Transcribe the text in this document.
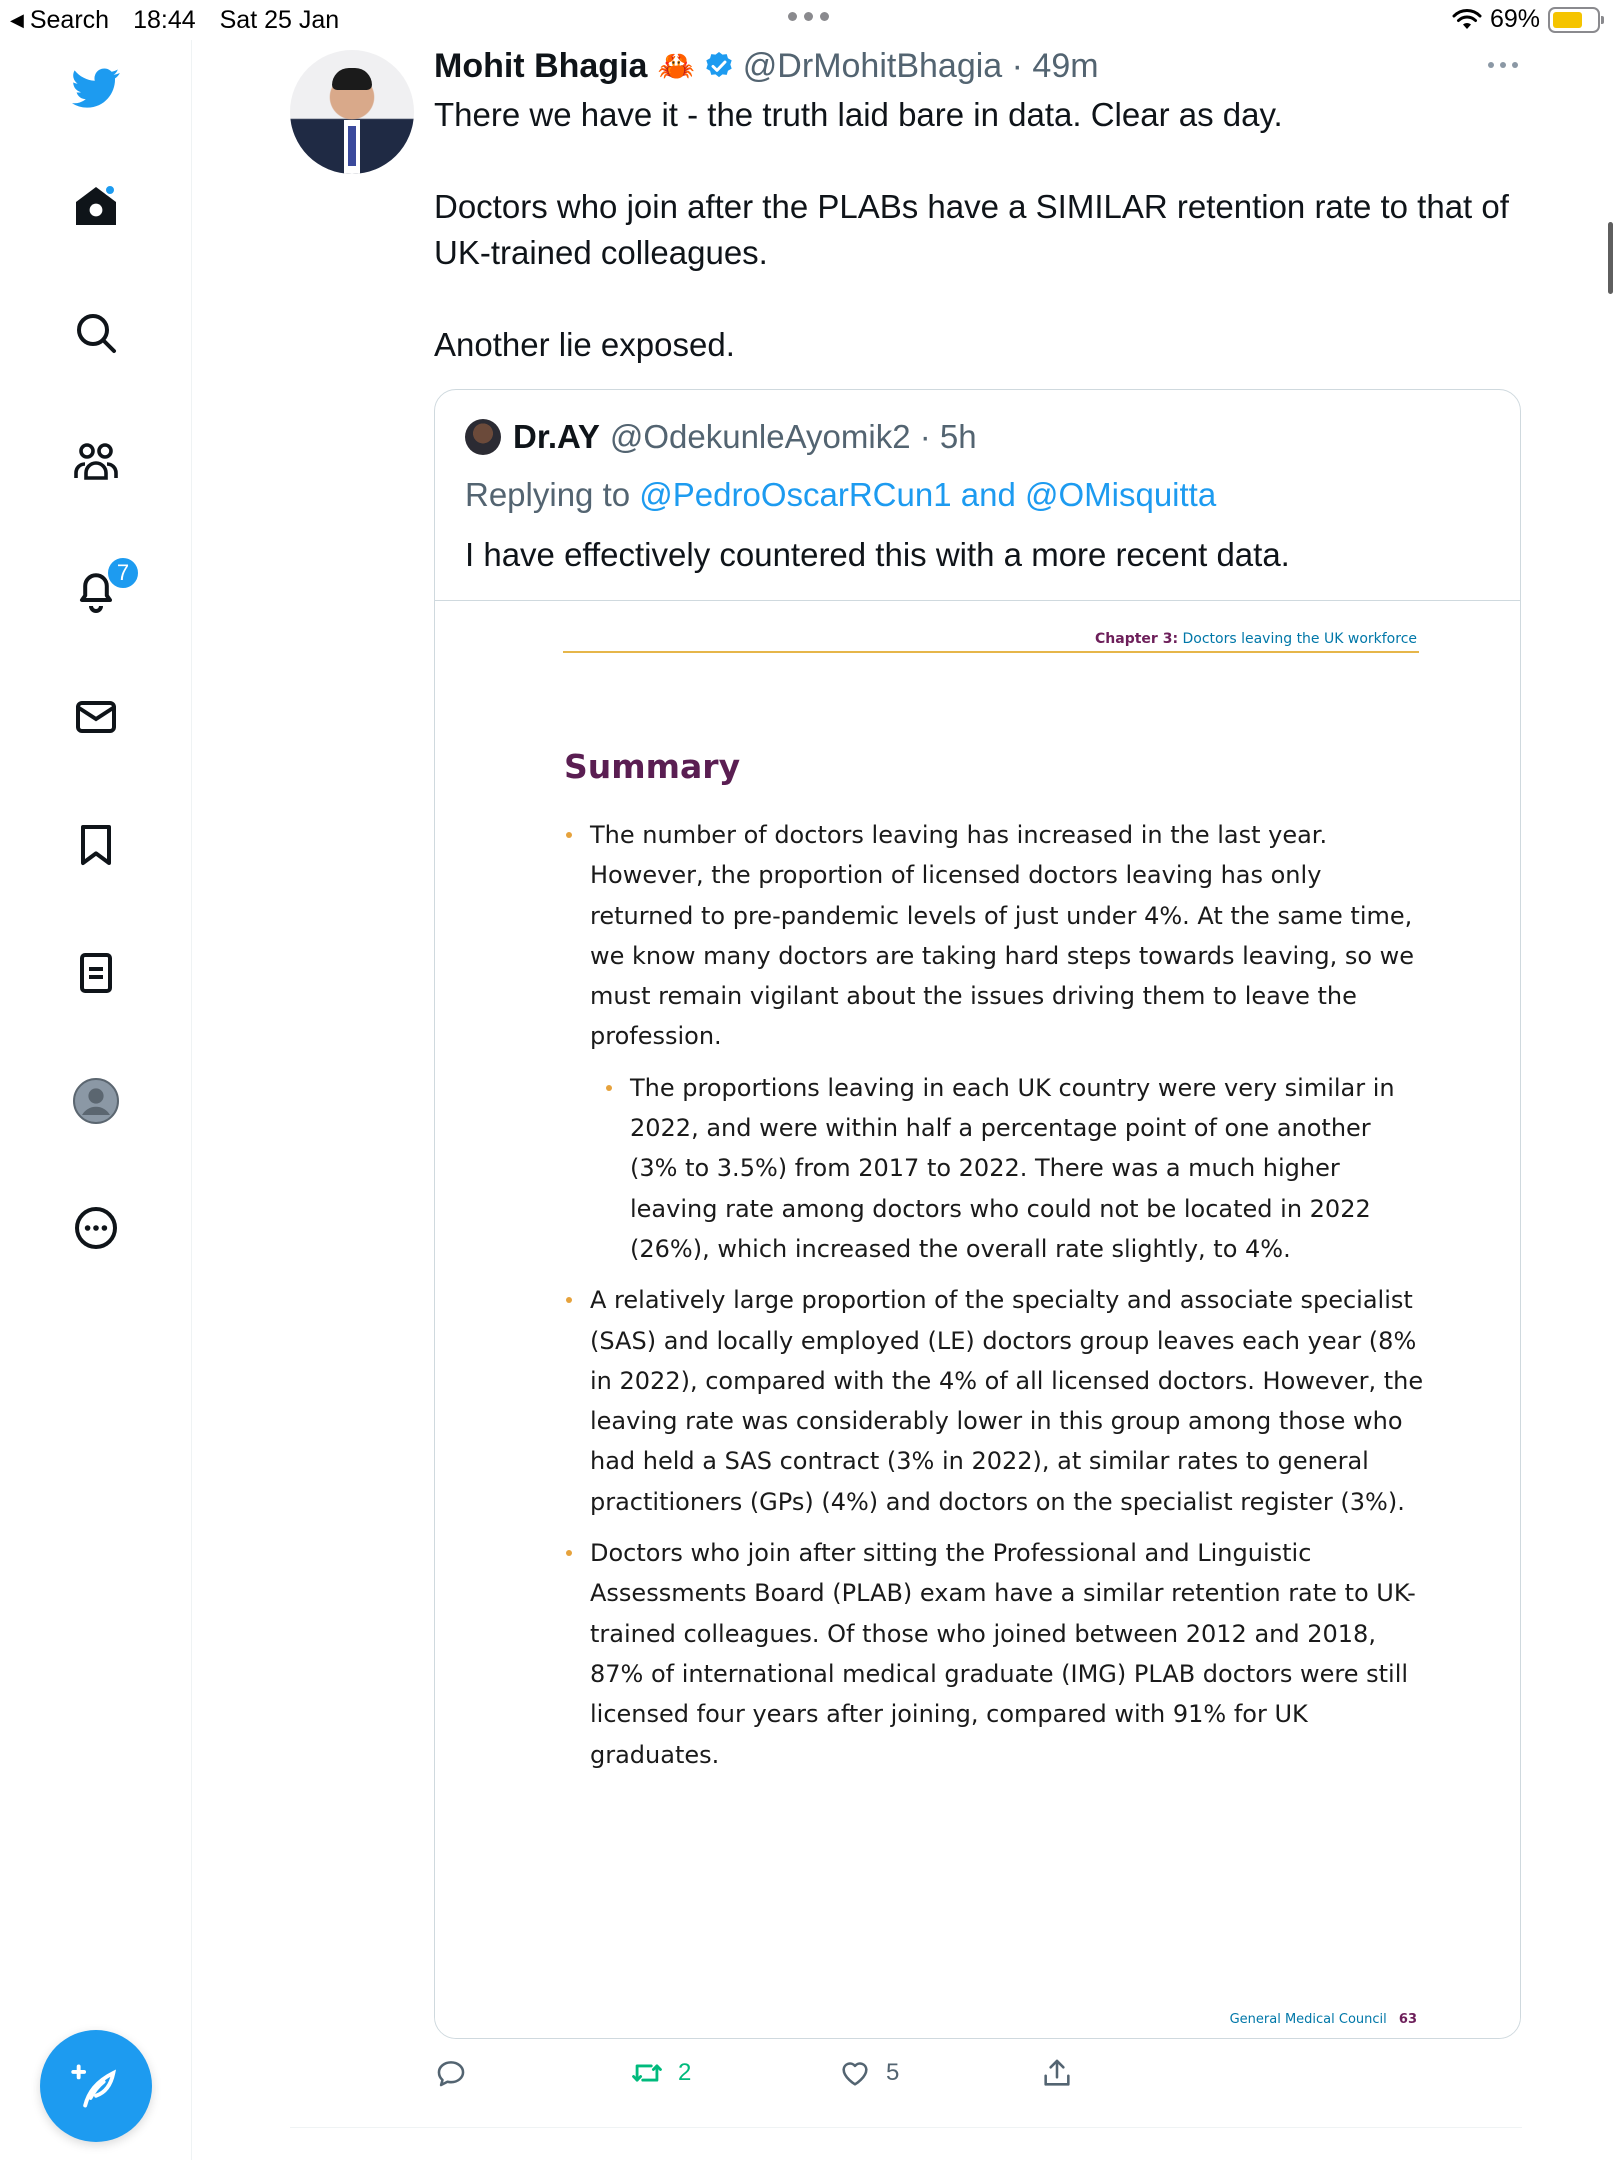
◀ Search 18:44 Sat 25 Jan	69%
7
Mohit Bhagia 🦀 @DrMohitBhagia · 49m

There we have it - the truth laid bare in data. Clear as day.

Doctors who join after the PLABs have a SIMILAR retention rate to that of UK-trained colleagues.

Another lie exposed.

Dr.AY @OdekunleAyomik2 · 5h
Replying to @PedroOscarRCun1 and @OMisquitta
I have effectively countered this with a more recent data.
Chapter 3: Doctors leaving the UK workforce
Summary
The number of doctors leaving has increased in the last year. However, the proportion of licensed doctors leaving has only returned to pre-pandemic levels of just under 4%. At the same time, we know many doctors are taking hard steps towards leaving, so we must remain vigilant about the issues driving them to leave the profession.
The proportions leaving in each UK country were very similar in 2022, and were within half a percentage point of one another (3% to 3.5%) from 2017 to 2022. There was a much higher leaving rate among doctors who could not be located in 2022 (26%), which increased the overall rate slightly, to 4%.
A relatively large proportion of the specialty and associate specialist (SAS) and locally employed (LE) doctors group leaves each year (8% in 2022), compared with the 4% of all licensed doctors. However, the leaving rate was considerably lower in this group among those who had held a SAS contract (3% in 2022), at similar rates to general practitioners (GPs) (4%) and doctors on the specialist register (3%).
Doctors who join after sitting the Professional and Linguistic Assessments Board (PLAB) exam have a similar retention rate to UK-trained colleagues. Of those who joined between 2012 and 2018, 87% of international medical graduate (IMG) PLAB doctors were still licensed four years after joining, compared with 91% for UK graduates.
General Medical Council 63
2	5
